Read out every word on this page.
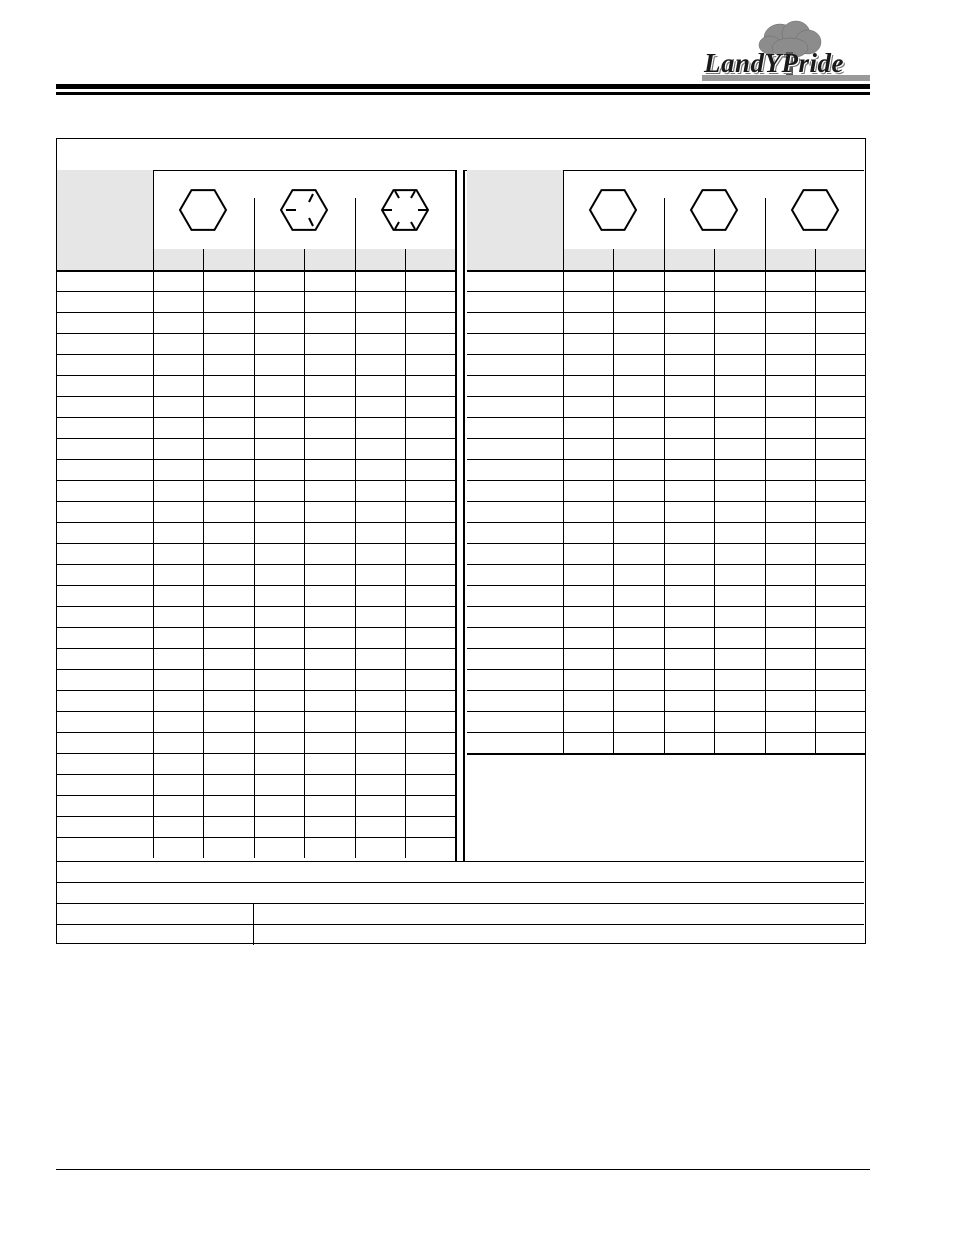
LandYPride
